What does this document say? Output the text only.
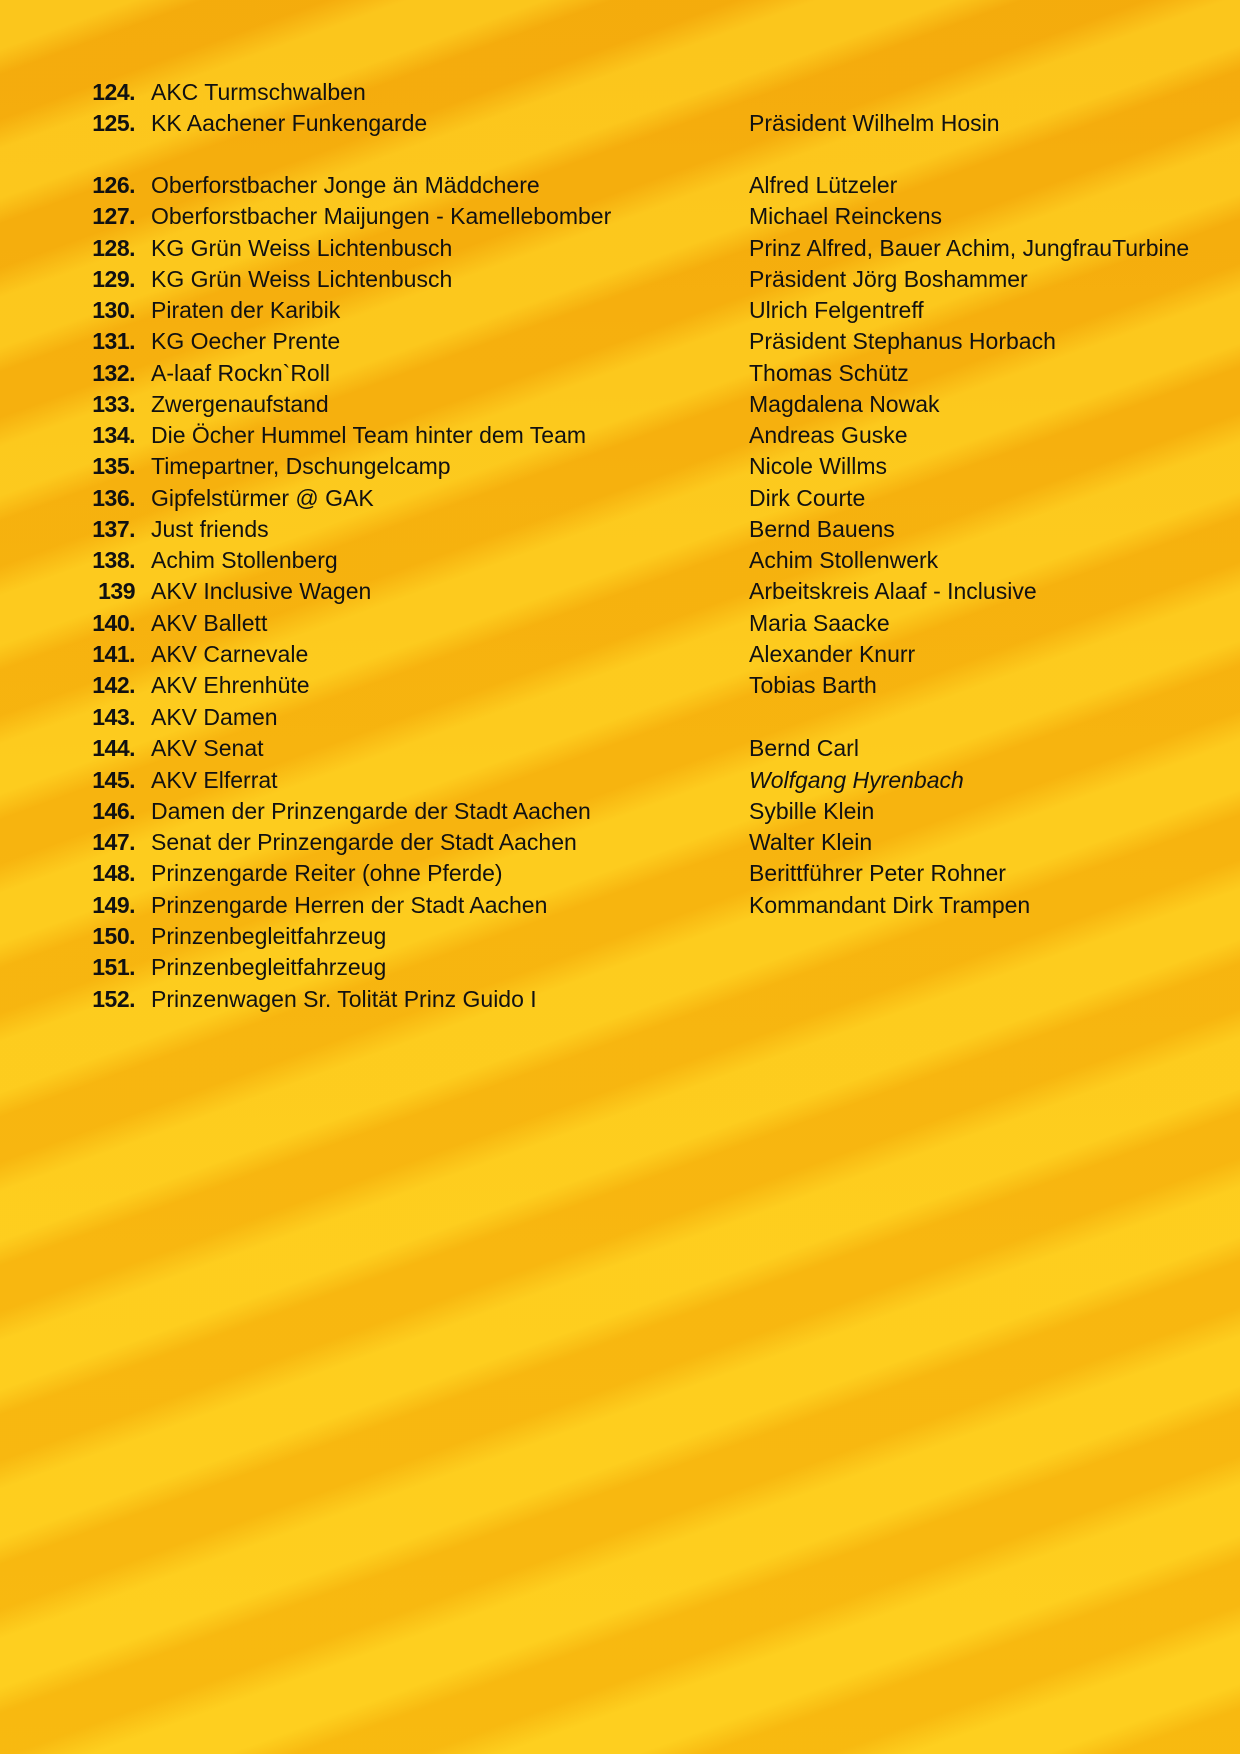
124. AKC Turmschwalben
125. KK Aachener Funkengarde	Präsident Wilhelm Hosin
126. Oberforstbacher Jonge än Mäddchere	Alfred Lützeler
127. Oberforstbacher Maijungen - Kamellebomber	Michael Reinckens
128. KG Grün Weiss Lichtenbusch	Prinz Alfred, Bauer Achim, JungfrauTurbine
129. KG Grün Weiss Lichtenbusch	Präsident Jörg Boshammer
130. Piraten der Karibik	Ulrich Felgentreff
131. KG Oecher Prente	Präsident Stephanus Horbach
132. A-laaf Rockn`Roll	Thomas Schütz
133. Zwergenaufstand	Magdalena Nowak
134. Die Öcher Hummel Team hinter dem Team	Andreas Guske
135. Timepartner, Dschungelcamp	Nicole Willms
136. Gipfelstürmer @ GAK	Dirk Courte
137. Just friends	Bernd Bauens
138. Achim Stollenberg	Achim Stollenwerk
139 AKV Inclusive Wagen	Arbeitskreis Alaaf - Inclusive
140. AKV Ballett	Maria Saacke
141. AKV Carnevale	Alexander Knurr
142. AKV Ehrenhüte	Tobias Barth
143. AKV Damen
144. AKV Senat	Bernd Carl
145. AKV Elferrat	Wolfgang Hyrenbach
146. Damen der Prinzengarde der Stadt Aachen	Sybille Klein
147. Senat der Prinzengarde der Stadt Aachen	Walter Klein
148. Prinzengarde Reiter (ohne Pferde)	Berittführer Peter Rohner
149. Prinzengarde Herren der Stadt Aachen	Kommandant Dirk Trampen
150. Prinzenbegleitfahrzeug
151. Prinzenbegleitfahrzeug
152. Prinzenwagen Sr. Tolität Prinz Guido I
